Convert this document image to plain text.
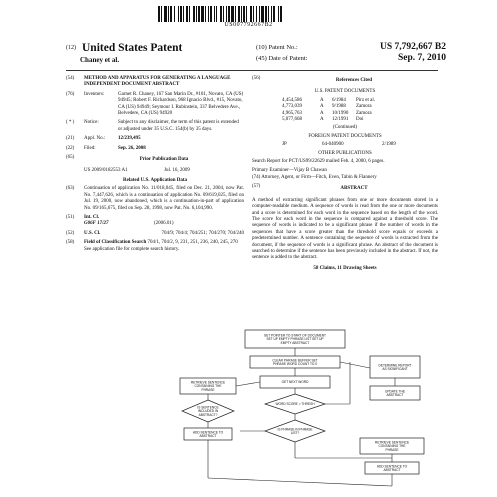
US007792667B2
(12) United States Patent
Chaney et al.
(10) Patent No.:	US 7,792,667 B2
(45) Date of Patent:	Sep. 7, 2010
(54)	METHOD AND APPARATUS FOR GENERATING A LANGUAGE INDEPENDENT DOCUMENT ABSTRACT
(76)	Inventors:	Garnet R. Chaney, 167 San Marin Dr., #101, Novato, CA (US) 94945; Robert F. Richardson, 968 Ignacio Blvd., #15, Novato, CA (US) 94949; Seymour I. Rubinstein, 337 Belvedere Ave., Belvedere, CA (US) 94920
( * )	Notice:	Subject to any disclaimer, the term of this patent is extended or adjusted under 35 U.S.C. 154(b) by 35 days.
(21)	Appl. No.:	12/239,495
(22)	Filed:	Sep. 26, 2008
(65)	Prior Publication Data
US 2009/0182553 A1	Jul. 16, 2009
Related U.S. Application Data
(63)	Continuation of application No. 11/018,045, filed on Dec. 21, 2004, now Pat. No. 7,447,626, which is a continuation of application No. 09/619,025, filed on Jul. 19, 2000, now abandoned, which is a continuation-in-part of application No. 09/165,675, filed on Sep. 28, 1998, now Pat. No. 6,104,990.
(51)	Int. Cl.
G06F 17/27	(2006.01)
(52)	U.S. Cl.	704/9; 704/4; 704/251; 704/270; 704/240
(58)	Field of Classification Search 704/1, 704/2, 9, 231, 251, 236, 240, 245, 270
See application file for complete search history.
(56)	References Cited
U.S. PATENT DOCUMENTS
4,454,586	A	6/1984	Pirz et al.
4,773,039	A	9/1988	Zamora
4,965,763	A	10/1990	Zamora
5,077,668	A	12/1991	Doi
(Continued)
FOREIGN PATENT DOCUMENTS
JP	64-040900	2/1989
OTHER PUBLICATIONS
Search Report for PCT/US99/22629 mailed Feb. 4, 2000, 6 pages.
Primary Examiner—Vijay B Chawan
(74) Attorney, Agent, or Firm—Fitch, Even, Tabin & Flannery
(57)	ABSTRACT
A method of extracting significant phrases from one or more documents stored in a computer-readable medium. A sequence of words is read from the one or more documents and a score is determined for each word in the sequence based on the length of the word. The score for each word in the sequence is compared against a threshold score. The sequence of words is indicated to be a significant phrase if the number of words in the sequences that have a score greater than the threshold score equals or exceeds a predetermined number. A sentence containing the sequence of words is extracted from the document, if the sequence of words is a significant phrase. An abstract of the document is searched to determine if the sentence has been previously included in the abstract. If not, the sentence is added to the abstract.
58 Claims, 11 Drawing Sheets
SET POINTER TO START OF DOCUMENT SET UP EMPTY PHRASE LIST SET UP EMPTY ABSTRACT
CLEAR PHRASE BUFFER SET PHRASE WORD COUNT TO 0	DETERMINE REPORT AS SIGNIFICANT
UPDATE THE ABSTRACT
RETRIEVE SENTENCE CONTAINING THE PHRASE
IS SENTENCE INCLUDED IN ABSTRACT?
ADD SENTENCE TO ABSTRACT
GET NEXT WORD
WORD SCORE > THRESH
IS PHRASE IN PHRASE LIST?
RETRIEVE SENTENCE CONTAINING THE PHRASE
ADD SENTENCE TO ABSTRACT
